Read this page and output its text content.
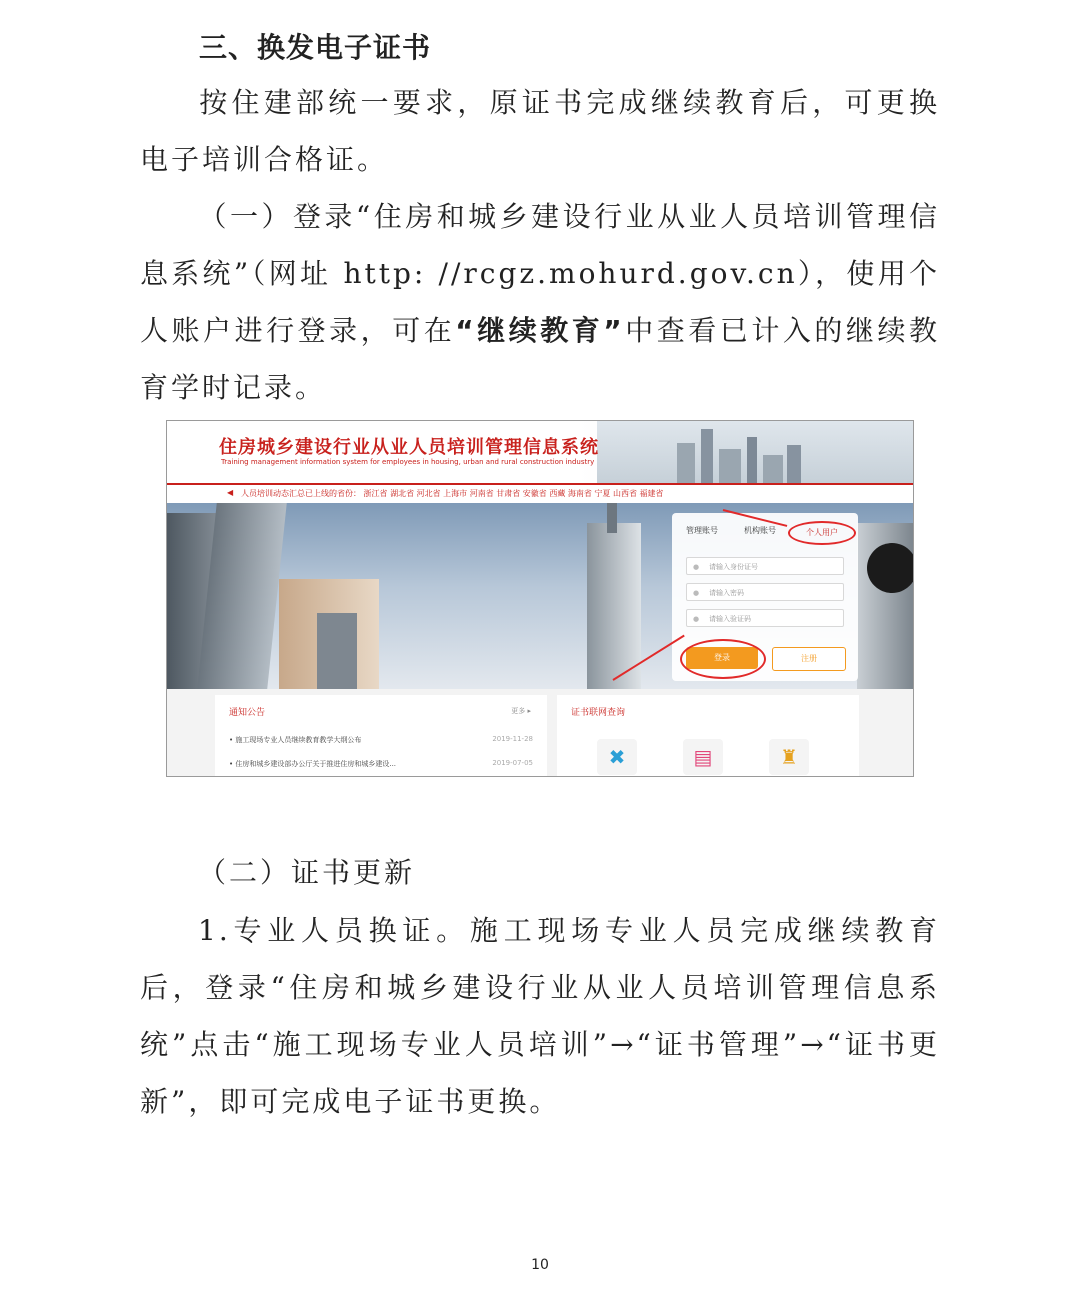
三、换发电子证书

按住建部统一要求，原证书完成继续教育后，可更换电子培训合格证。

（一）登录“住房和城乡建设行业从业人员培训管理信息系统”（网址 http: //rcgz.mohurd.gov.cn），使用个人账户进行登录，可在“继续教育”中查看已计入的继续教育学时记录。

住房城乡建设行业从业人员培训管理信息系统
Training management information system for employees in housing, urban and rural construction industry
◀ 人员培训动态汇总已上线的省份： 浙江省 湖北省 河北省 上海市 河南省 甘肃省 安徽省 西藏 海南省 宁夏 山西省 福建省
管理账号	机构账号	个人用户
● 请输入身份证号
● 请输入密码
● 请输入验证码
登录	注册
通知公告	更多 ▸
• 施工现场专业人员继续教育教学大纲公布	2019-11-28
• 住房和城乡建设部办公厅关于推进住房和城乡建设...	2019-07-05
证书联网查询
✖	▤	♜
（二）证书更新

1.专业人员换证。施工现场专业人员完成继续教育后，登录“住房和城乡建设行业从业人员培训管理信息系统”点击“施工现场专业人员培训”→“证书管理”→“证书更新”，即可完成电子证书更换。

10
